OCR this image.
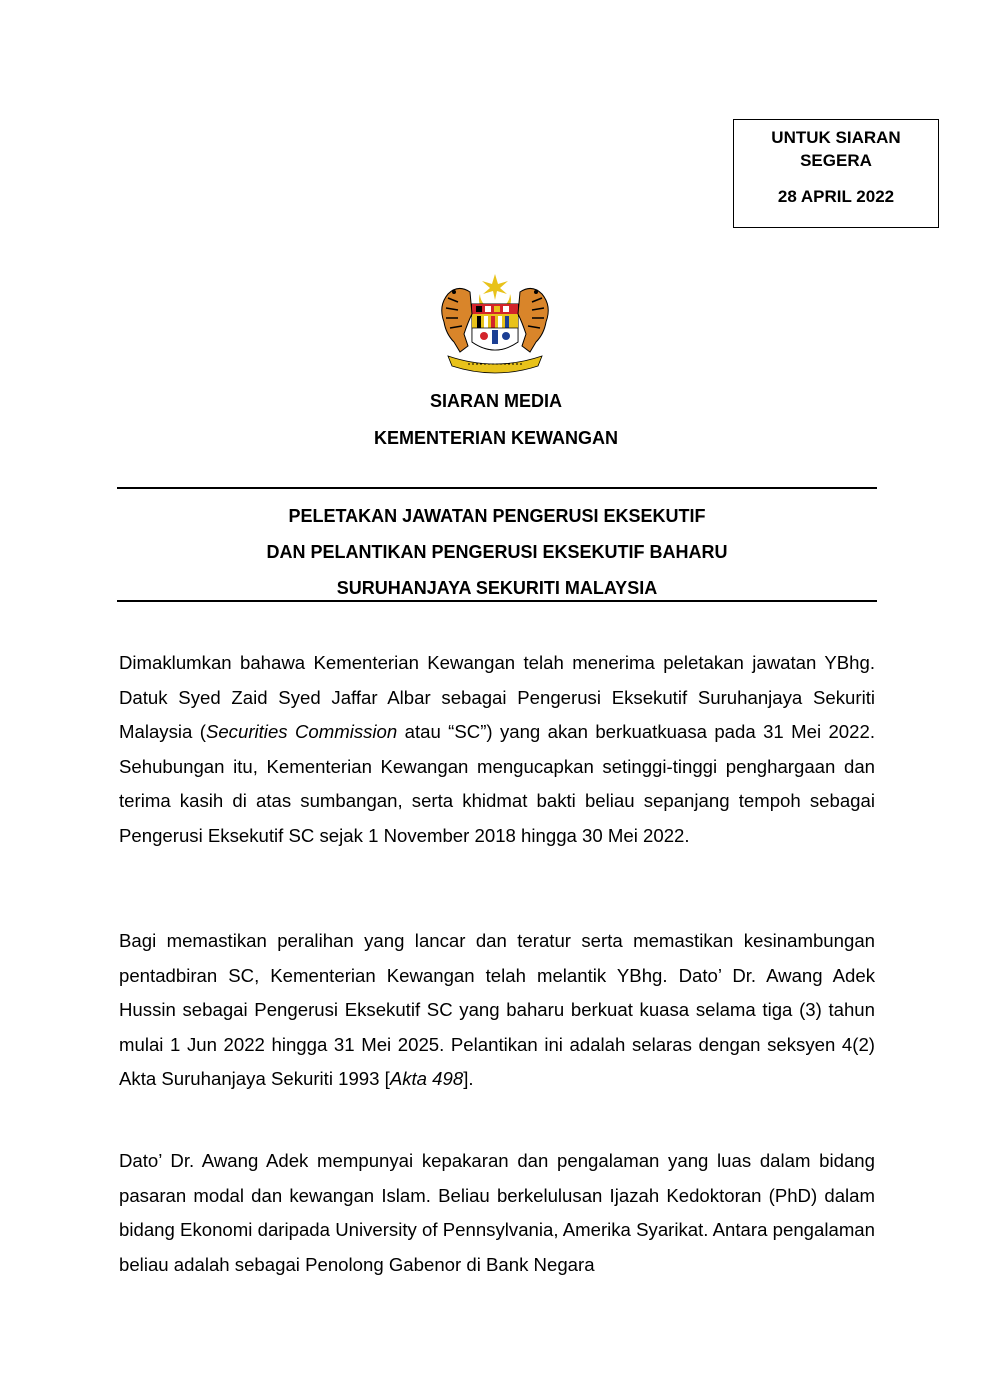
UNTUK SIARAN
SEGERA
28 APRIL 2022
SIARAN MEDIA
KEMENTERIAN KEWANGAN
PELETAKAN JAWATAN PENGERUSI EKSEKUTIF
DAN PELANTIKAN PENGERUSI EKSEKUTIF BAHARU
SURUHANJAYA SEKURITI MALAYSIA

Dimaklumkan bahawa Kementerian Kewangan telah menerima peletakan jawatan YBhg. Datuk Syed Zaid Syed Jaffar Albar sebagai Pengerusi Eksekutif Suruhanjaya Sekuriti Malaysia (Securities Commission atau “SC”) yang akan berkuatkuasa pada 31 Mei 2022. Sehubungan itu, Kementerian Kewangan mengucapkan setinggi-tinggi penghargaan dan terima kasih di atas sumbangan, serta khidmat bakti beliau sepanjang tempoh sebagai Pengerusi Eksekutif SC sejak 1 November 2018 hingga 30 Mei 2022.

Bagi memastikan peralihan yang lancar dan teratur serta memastikan kesinambungan pentadbiran SC, Kementerian Kewangan telah melantik YBhg. Dato’ Dr. Awang Adek Hussin sebagai Pengerusi Eksekutif SC yang baharu berkuat kuasa selama tiga (3) tahun mulai 1 Jun 2022 hingga 31 Mei 2025. Pelantikan ini adalah selaras dengan seksyen 4(2) Akta Suruhanjaya Sekuriti 1993 [Akta 498].

Dato’ Dr. Awang Adek mempunyai kepakaran dan pengalaman yang luas dalam bidang pasaran modal dan kewangan Islam. Beliau berkelulusan Ijazah Kedoktoran (PhD) dalam bidang Ekonomi daripada University of Pennsylvania, Amerika Syarikat. Antara pengalaman beliau adalah sebagai Penolong Gabenor di Bank Negara
